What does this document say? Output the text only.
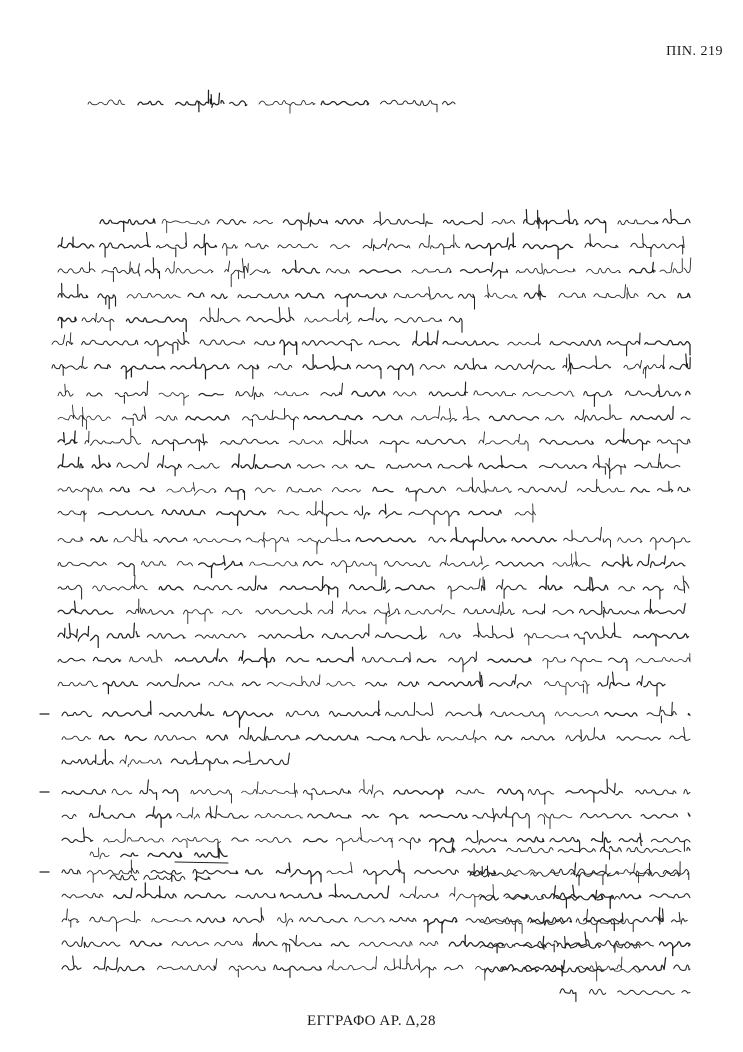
ΠΙΝ. 219
ΕΓΓΡΑΦΟ ΑΡ. Δ,28
